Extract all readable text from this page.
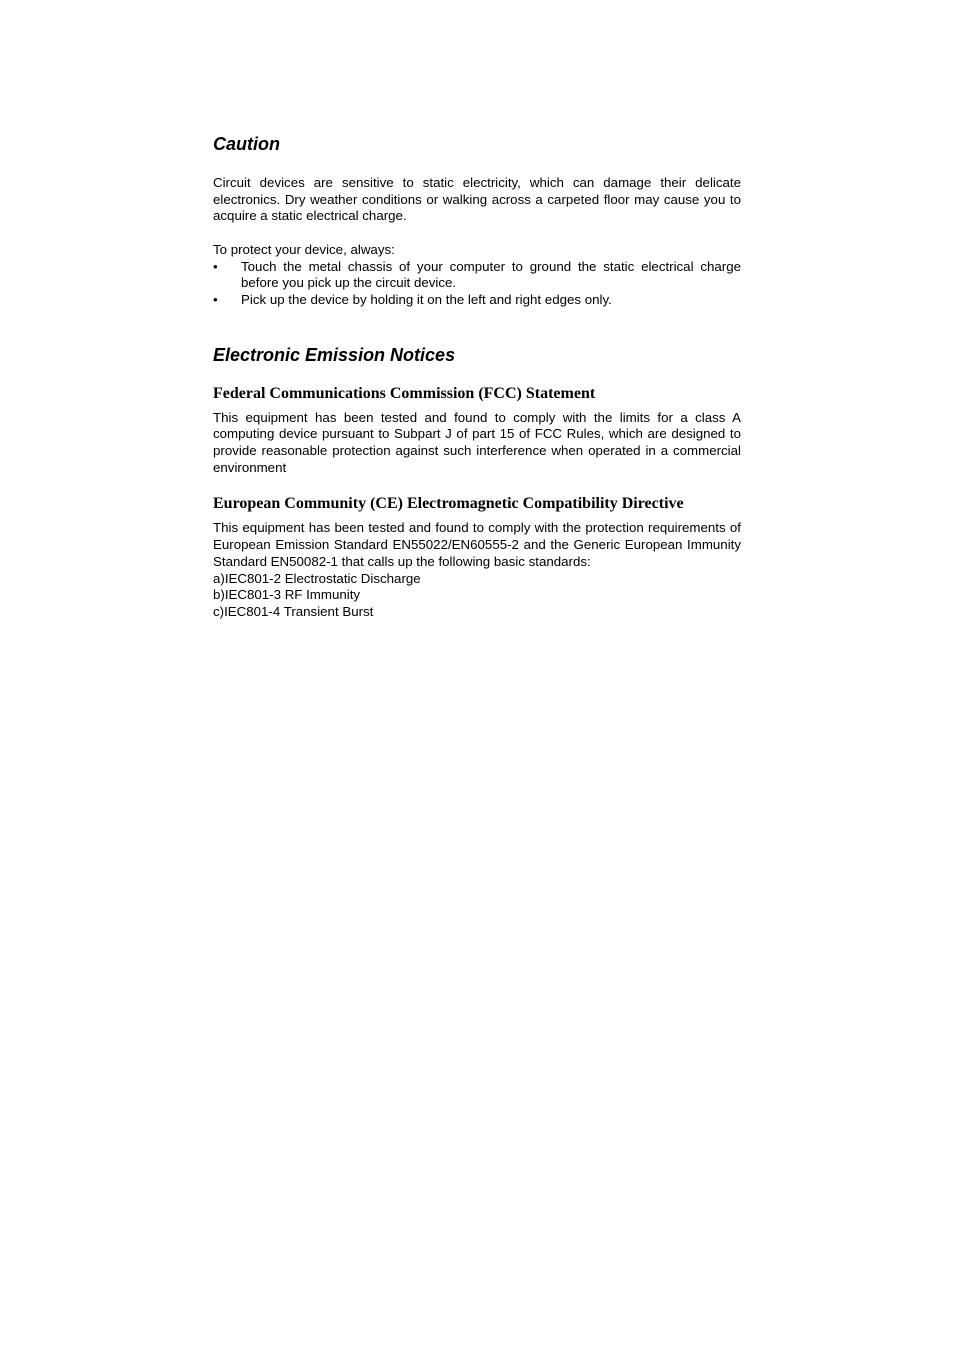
Caution

Circuit devices are sensitive to static electricity, which can damage their delicate electronics. Dry weather conditions or walking across a carpeted floor may cause you to acquire a static electrical charge.

To protect your device, always:

•	Touch the metal chassis of your computer to ground the static electrical charge before you pick up the circuit device.
•	Pick up the device by holding it on the left and right edges only.
Electronic Emission Notices
Federal Communications Commission (FCC) Statement

This equipment has been tested and found to comply with the limits for a class A computing device pursuant to Subpart J of part 15 of FCC Rules, which are designed to provide reasonable protection against such interference when operated in a commercial environment

European Community (CE) Electromagnetic Compatibility Directive

This equipment has been tested and found to comply with the protection requirements of European Emission Standard EN55022/EN60555-2 and the Generic European Immunity Standard EN50082-1 that calls up the following basic standards:

a)IEC801-2 Electrostatic Discharge

b)IEC801-3 RF Immunity

c)IEC801-4 Transient Burst
